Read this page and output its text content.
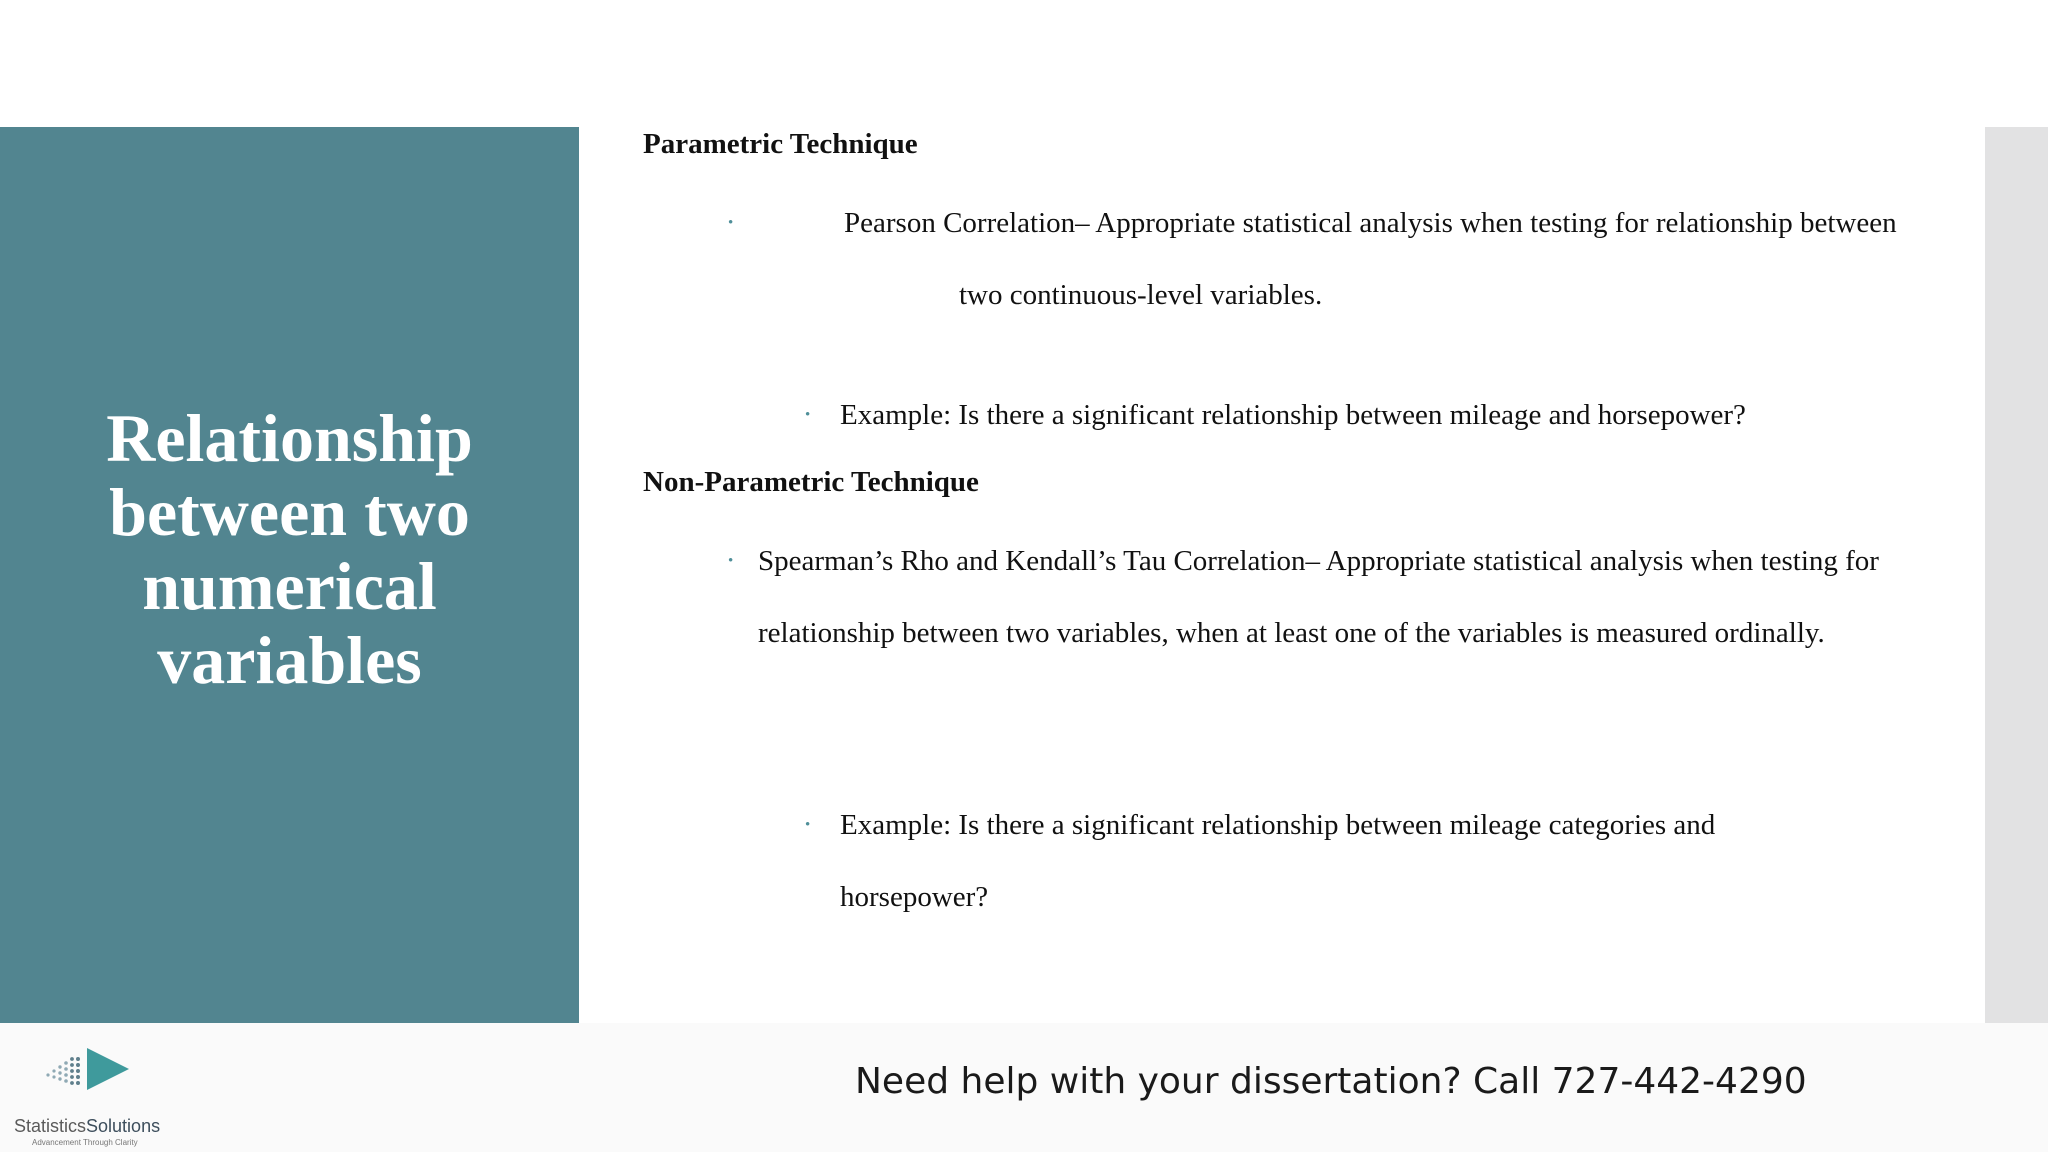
Relationship between two numerical variables
Parametric Technique
•	Pearson Correlation– Appropriate statistical analysis when testing for relationship between two continuous-level variables.
•	Example: Is there a significant relationship between mileage and horsepower?
Non-Parametric Technique
• Spearman’s Rho and Kendall’s Tau Correlation– Appropriate statistical analysis when testing for relationship between two variables, when at least one of the variables is measured ordinally.
•	Example: Is there a significant relationship between mileage categories and horsepower?
StatisticsSolutions
Advancement Through Clarity
Need help with your dissertation? Call 727-442-4290
